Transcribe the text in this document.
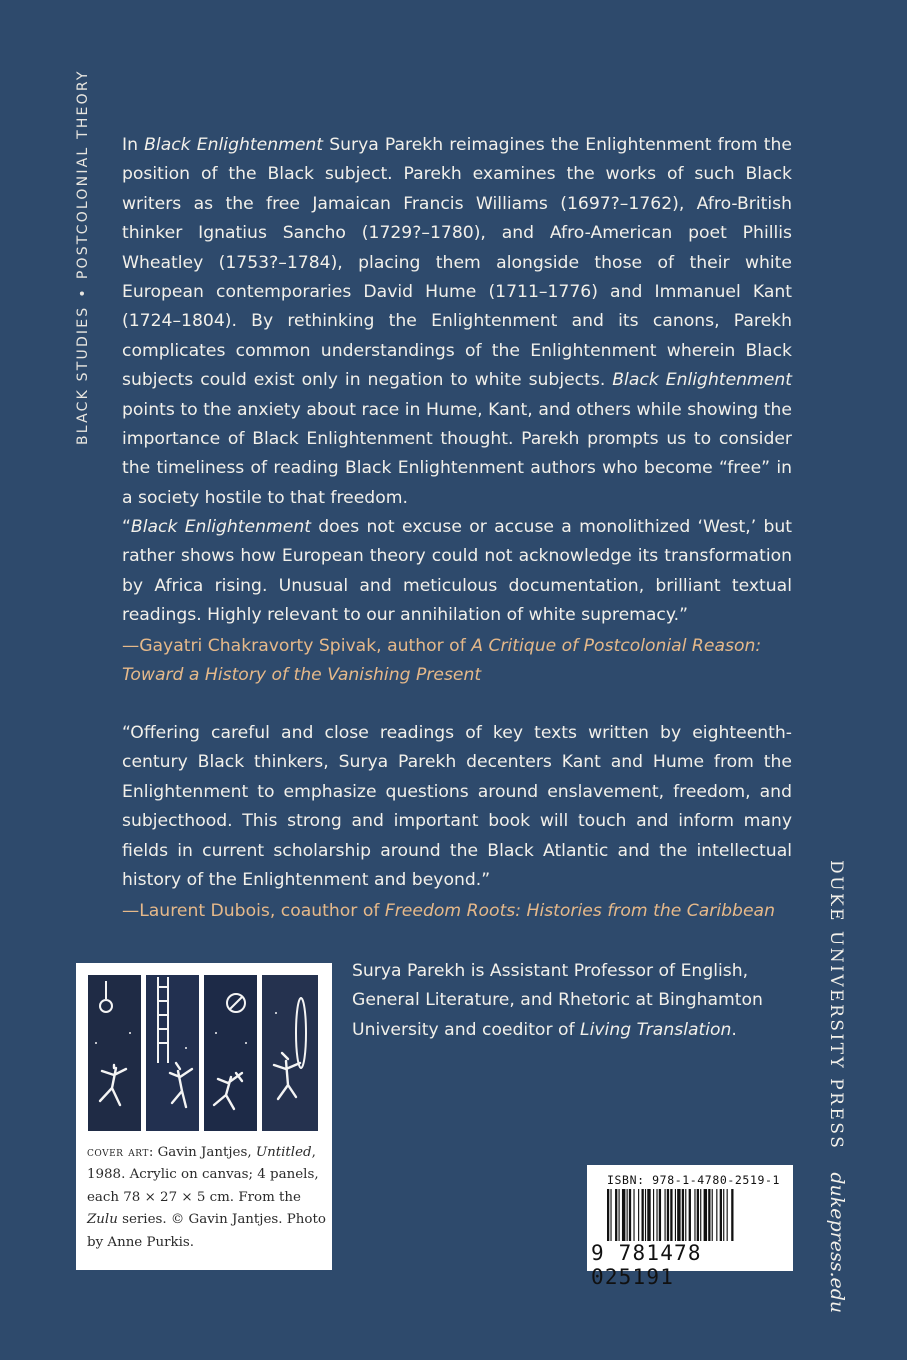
BLACK STUDIES•POSTCOLONIAL THEORY
DUKE UNIVERSITY PRESSdukepress.edu

In Black Enlightenment Surya Parekh reimagines the Enlightenment from the position of the Black subject. Parekh examines the works of such Black writers as the free Jamaican Francis Williams (1697?–1762), Afro-British thinker Ignatius Sancho (1729?–1780), and Afro-American poet Phillis Wheatley (1753?–1784), placing them alongside those of their white European contemporaries David Hume (1711–1776) and Immanuel Kant (1724–1804). By rethinking the Enlightenment and its canons, Parekh complicates common understandings of the Enlightenment wherein Black subjects could exist only in negation to white subjects. Black Enlightenment points to the anxiety about race in Hume, Kant, and others while showing the importance of Black Enlightenment thought. Parekh prompts us to consider the timeliness of reading Black Enlightenment authors who become “free” in a society hostile to that freedom.

“Black Enlightenment does not excuse or accuse a monolithized ‘West,’ but rather shows how European theory could not acknowledge its transformation by Africa rising. Unusual and meticulous documentation, brilliant textual readings. Highly relevant to our annihilation of white supremacy.”

—Gayatri Chakravorty Spivak, author of A Critique of Postcolonial Reason: Toward a History of the Vanishing Present

“Offering careful and close readings of key texts written by eighteenth-century Black thinkers, Surya Parekh decenters Kant and Hume from the Enlightenment to emphasize questions around enslavement, freedom, and subjecthood. This strong and important book will touch and inform many fields in current scholarship around the Black Atlantic and the intellectual history of the Enlightenment and beyond.”

—Laurent Dubois, coauthor of Freedom Roots: Histories from the Caribbean

cover art: Gavin Jantjes, Untitled, 1988. Acrylic on canvas; 4 panels, each 78 × 27 × 5 cm. From the Zulu series. © Gavin Jantjes. Photo by Anne Purkis.

Surya Parekh is Assistant Professor of English, General Literature, and Rhetoric at Binghamton University and coeditor of Living Translation.

ISBN: 978-1-4780-2519-1
9 781478 025191
